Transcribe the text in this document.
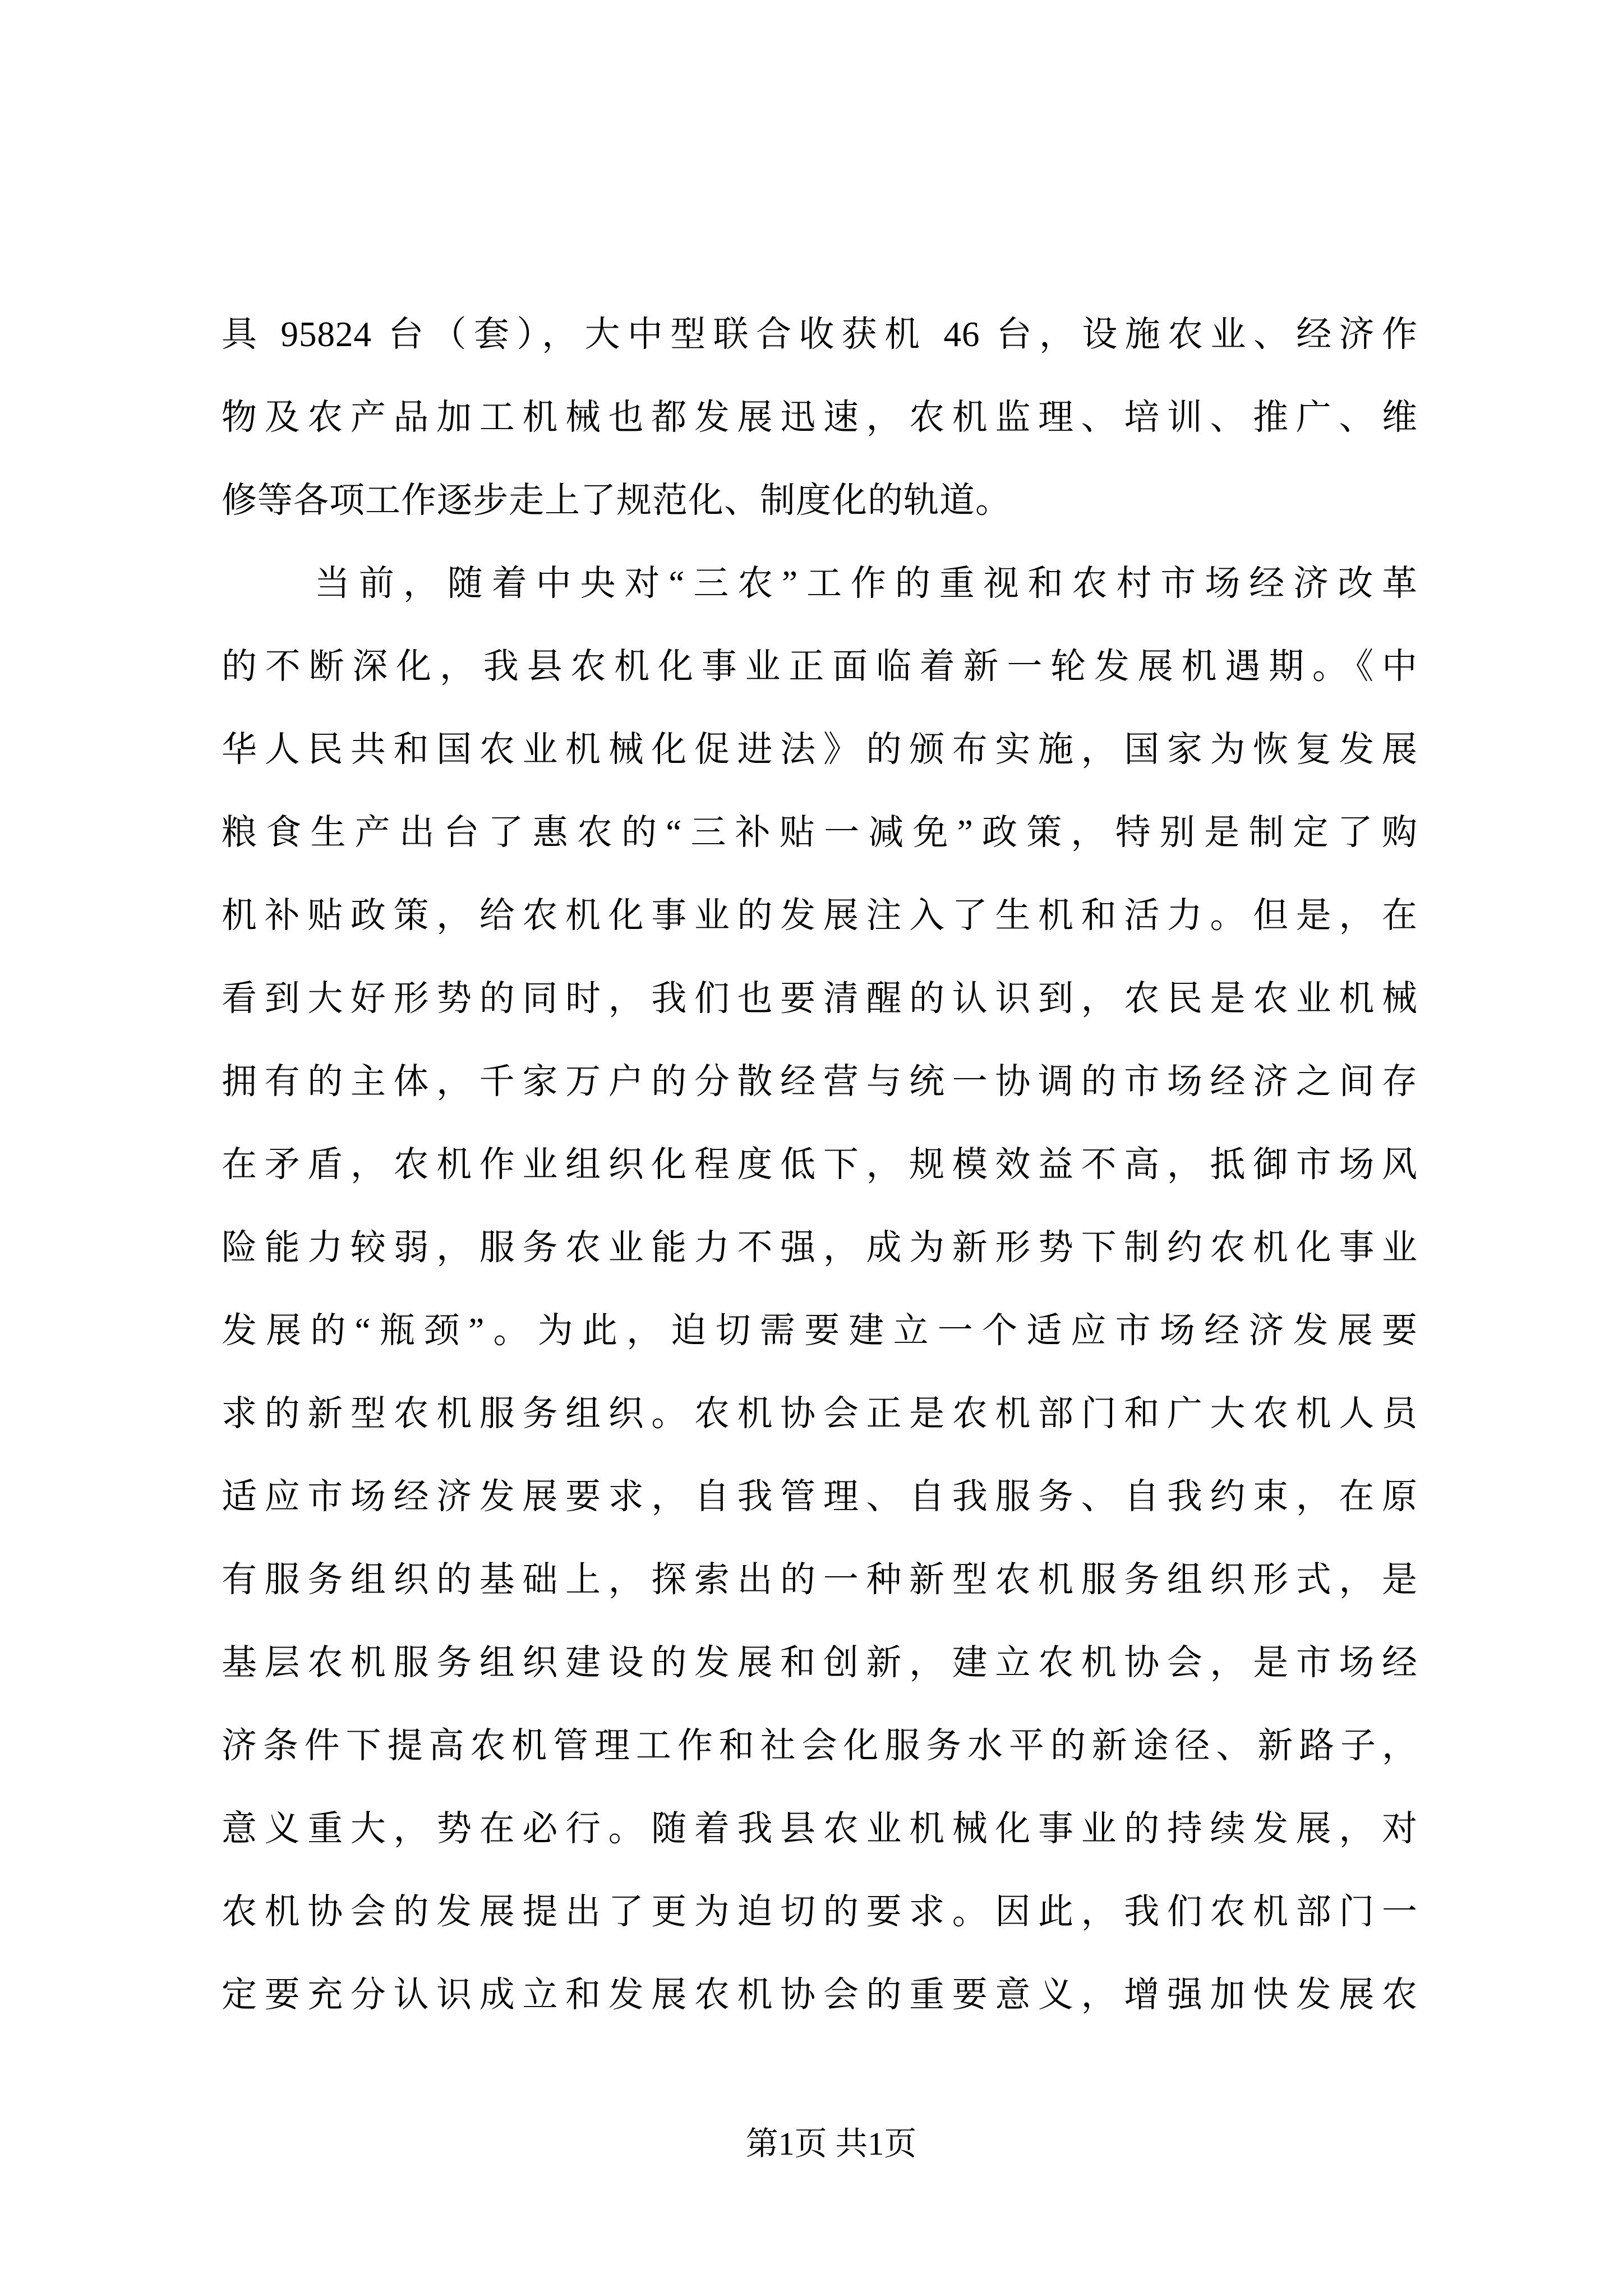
具 95824 台（套），大中型联合收获机 46 台，设施农业、经济作
物及农产品加工机械也都发展迅速，农机监理、培训、推广、维
修等各项工作逐步走上了规范化、制度化的轨道。
当前，随着中央对“三农”工作的重视和农村市场经济改革
的不断深化，我县农机化事业正面临着新一轮发展机遇期。《中
华人民共和国农业机械化促进法》的颁布实施，国家为恢复发展
粮食生产出台了惠农的“三补贴一减免”政策，特别是制定了购
机补贴政策，给农机化事业的发展注入了生机和活力。但是，在
看到大好形势的同时，我们也要清醒的认识到，农民是农业机械
拥有的主体，千家万户的分散经营与统一协调的市场经济之间存
在矛盾，农机作业组织化程度低下，规模效益不高，抵御市场风
险能力较弱，服务农业能力不强，成为新形势下制约农机化事业
发展的“瓶颈”。为此，迫切需要建立一个适应市场经济发展要
求的新型农机服务组织。农机协会正是农机部门和广大农机人员
适应市场经济发展要求，自我管理、自我服务、自我约束，在原
有服务组织的基础上，探索出的一种新型农机服务组织形式，是
基层农机服务组织建设的发展和创新，建立农机协会，是市场经
济条件下提高农机管理工作和社会化服务水平的新途径、新路子，
意义重大，势在必行。随着我县农业机械化事业的持续发展，对
农机协会的发展提出了更为迫切的要求。因此，我们农机部门一
定要充分认识成立和发展农机协会的重要意义，增强加快发展农
第1页 共1页
